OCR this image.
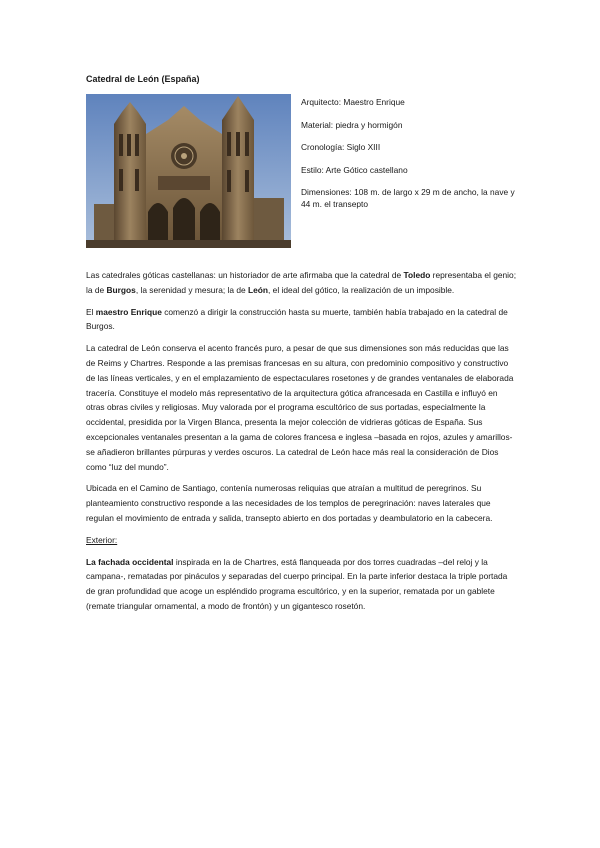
Catedral de León (España)

Arquitecto: Maestro Enrique

Material: piedra y hormigón

Cronología: Siglo XIII

Estilo: Arte Gótico castellano

Dimensiones: 108 m. de largo x 29 m de ancho, la nave y 44 m. el transepto

Las catedrales góticas castellanas: un historiador de arte afirmaba que la catedral de Toledo representaba el genio; la de Burgos, la serenidad y mesura; la de León, el ideal del gótico, la realización de un imposible.

El maestro Enrique comenzó a dirigir la construcción hasta su muerte, también había trabajado en la catedral de Burgos.

La catedral de León conserva el acento francés puro, a pesar de que sus dimensiones son más reducidas que las de Reims y Chartres. Responde a las premisas francesas en su altura, con predominio compositivo y constructivo de las líneas verticales, y en el emplazamiento de espectaculares rosetones y de grandes ventanales de elaborada tracería. Constituye el modelo más representativo de la arquitectura gótica afrancesada en Castilla e influyó en otras obras civiles y religiosas. Muy valorada por el programa escultórico de sus portadas, especialmente la occidental, presidida por la Virgen Blanca, presenta la mejor colección de vidrieras góticas de España. Sus excepcionales ventanales presentan a la gama de colores francesa e inglesa –basada en rojos, azules y amarillos- se añadieron brillantes púrpuras y verdes oscuros. La catedral de León hace más real la consideración de Dios como “luz del mundo”.

Ubicada en el Camino de Santiago, contenía numerosas reliquias que atraían a multitud de peregrinos. Su planteamiento constructivo responde a las necesidades de los templos de peregrinación: naves laterales que regulan el movimiento de entrada y salida, transepto abierto en dos portadas y deambulatorio en la cabecera.

Exterior:

La fachada occidental inspirada en la de Chartres, está flanqueada por dos torres cuadradas –del reloj y la campana-, rematadas por pináculos y separadas del cuerpo principal. En la parte inferior destaca la triple portada de gran profundidad que acoge un espléndido programa escultórico, y en la superior, rematada por un gablete (remate triangular ornamental, a modo de frontón) y un gigantesco rosetón.
